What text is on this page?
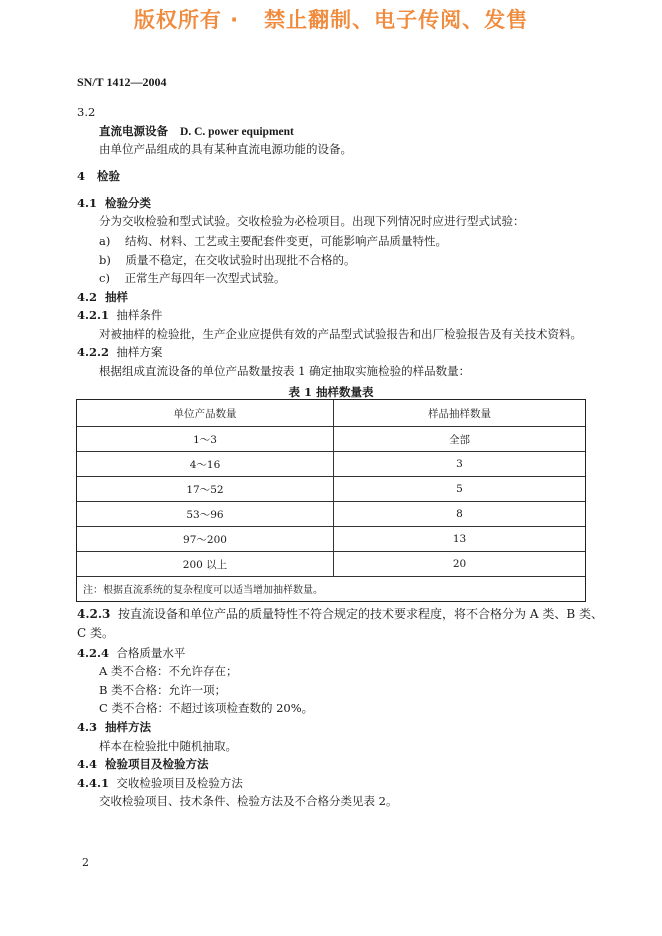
版权所有 ·   禁止翻制、电子传阅、发售
SN/T 1412—2004
3.2
直流电源设备 D. C. power equipment
由单位产品组成的具有某种直流电源功能的设备。
4 检验
4.1 检验分类
分为交收检验和型式试验。交收检验为必检项目。出现下列情况时应进行型式试验：
a) 结构、材料、工艺或主要配套件变更，可能影响产品质量特性。
b) 质量不稳定，在交收试验时出现批不合格的。
c) 正常生产每四年一次型式试验。
4.2 抽样
4.2.1 抽样条件
对被抽样的检验批，生产企业应提供有效的产品型式试验报告和出厂检验报告及有关技术资料。
4.2.2 抽样方案
根据组成直流设备的单位产品数量按表 1 确定抽取实施检验的样品数量：
表 1 抽样数量表
单位产品数量	样品抽样数量
1～3	全部
4～16	3
17～52	5
53～96	8
97～200	13
200 以上	20
注：根据直流系统的复杂程度可以适当增加抽样数量。
4.2.3 按直流设备和单位产品的质量特性不符合规定的技术要求程度，将不合格分为 A 类、B 类、
C 类。
4.2.4 合格质量水平
A 类不合格：不允许存在；
B 类不合格：允许一项；
C 类不合格：不超过该项检查数的 20%。
4.3 抽样方法
样本在检验批中随机抽取。
4.4 检验项目及检验方法
4.4.1 交收检验项目及检验方法
交收检验项目、技术条件、检验方法及不合格分类见表 2。
2
